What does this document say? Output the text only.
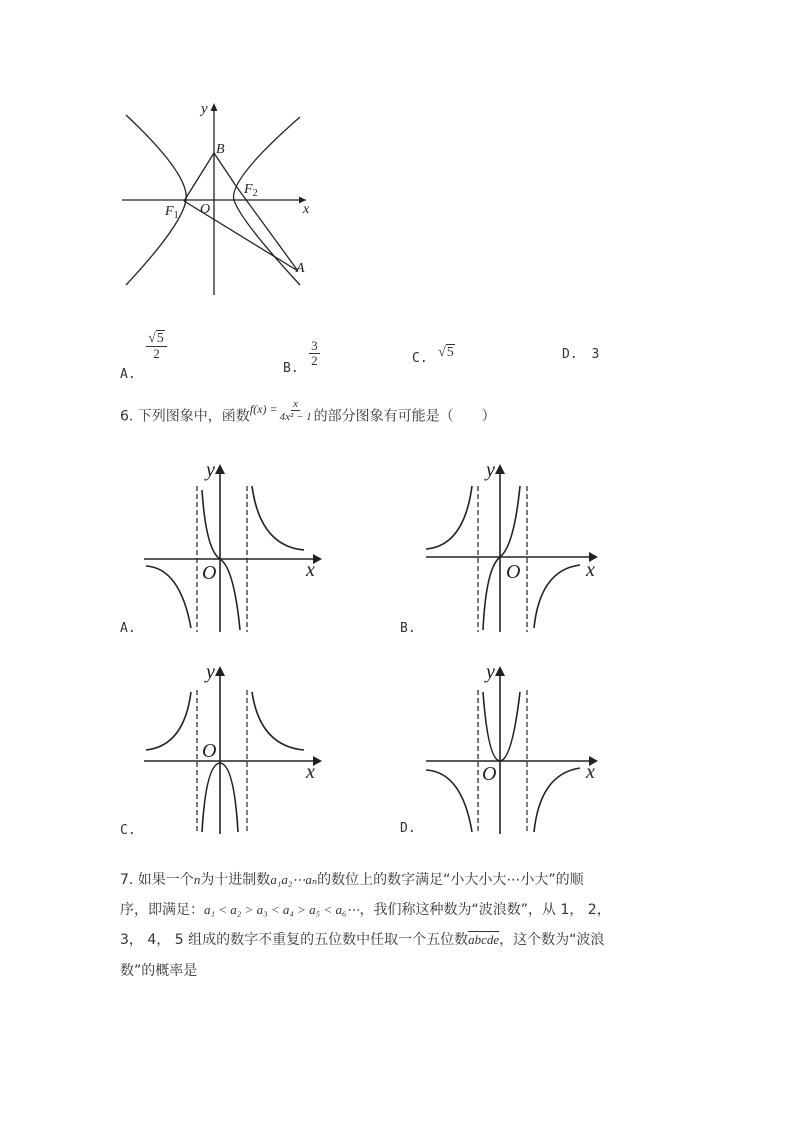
y
B
$F_2$
$F_1$ O	x
A
A.
$\frac{√5}{2}$
B. $\frac{3}{2}$	C. √5	D. 3
6. 下列图象中，函数$f(x) = \frac{x}{\text{4x² − 1}}$ 的部分图象有可能是（　　）
y
O	x
A.
y
O	x
B.
y
O
x
C.
y
O	x
D.
7. 如果一个n为十进制数a₁a₂⋯aₙ的数位上的数字满足“小大小大⋯小大”的顺
序，即满足：a₁ < a₂ > a₃ < a₄ > a₅ < a₆⋯，我们称这种数为“波浪数”，从 1， 2，
3， 4， 5 组成的数字不重复的五位数中任取一个五位数abcde，这个数为“波浪
数”的概率是
